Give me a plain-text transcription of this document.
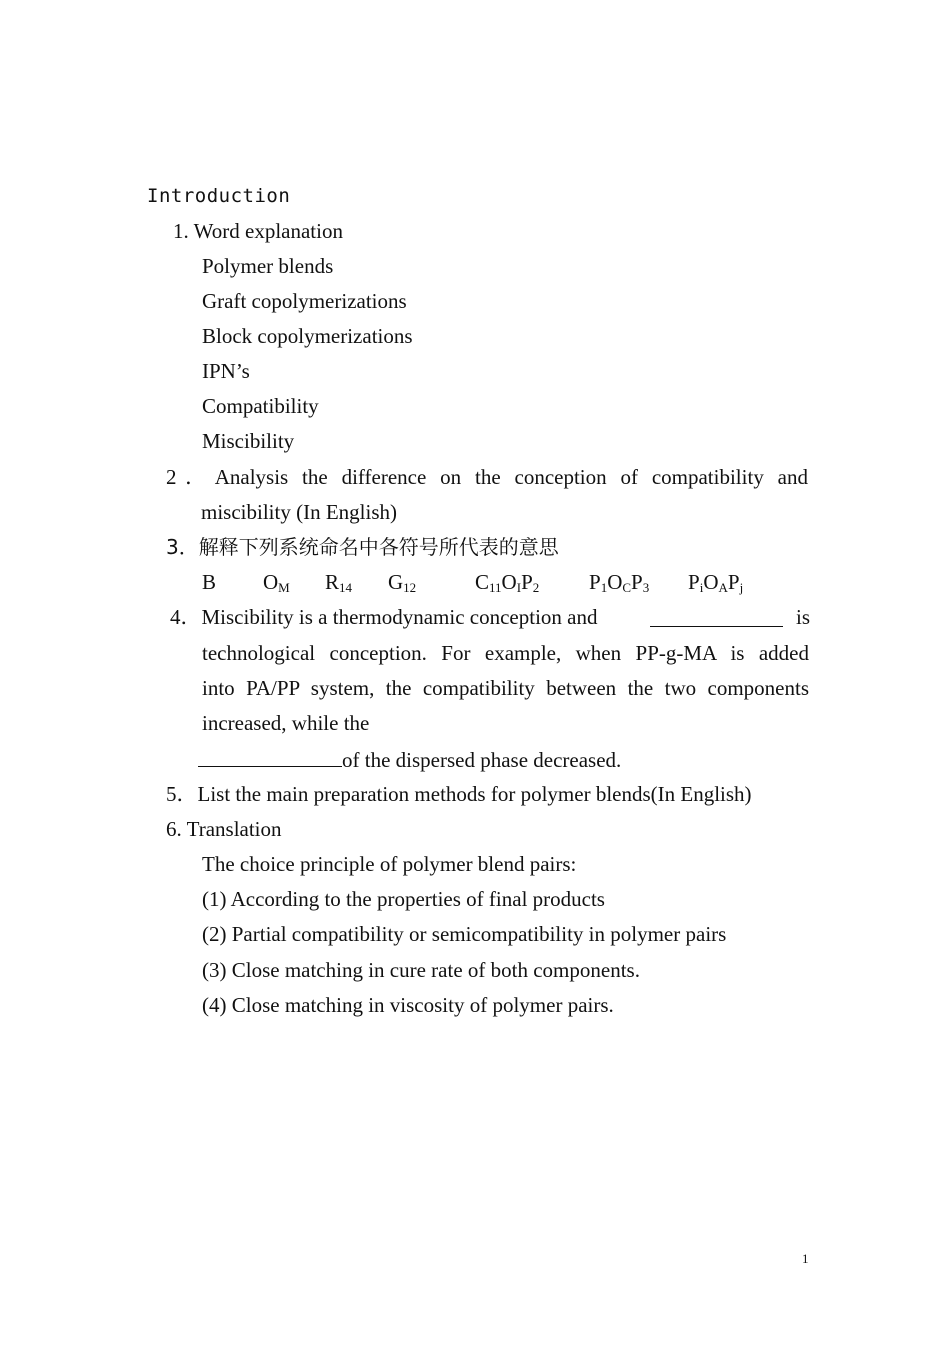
Introduction
1. Word explanation
Polymer blends
Graft copolymerizations
Block copolymerizations
IPN’s
Compatibility
Miscibility
2．Analysis the difference on the conception of compatibility and
miscibility (In English)
3．解释下列系统命名中各符号所代表的意思
B $O_M$ $R_{14}$ $G_{12}$	$C_{11}O_IP_2$ $P_1O_CP_3$ $P_iO_AP_j$
4．Miscibility is a thermodynamic conception and	is
technological conception. For example, when PP-g-MA is added
into PA/PP system, the compatibility between the two components
increased, while the
of the dispersed phase decreased.
5．List the main preparation methods for polymer blends(In English)
6. Translation
The choice principle of polymer blend pairs:
(1) According to the properties of final products
(2) Partial compatibility or semicompatibility in polymer pairs
(3) Close matching in cure rate of both components.
(4) Close matching in viscosity of polymer pairs.
1
